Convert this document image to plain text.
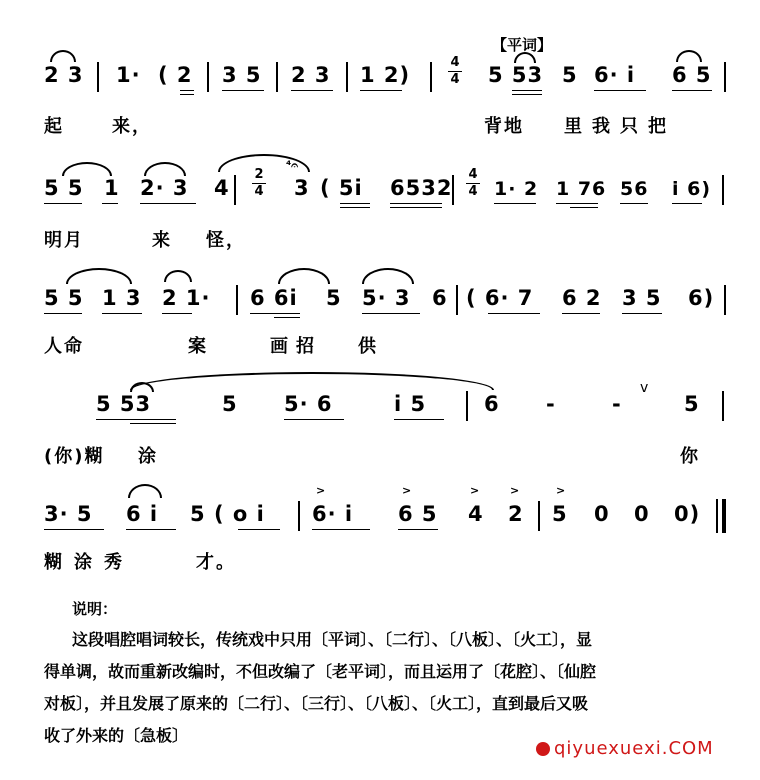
【平词】
2 3 1· ( 2 3 5 2 3 1 2)
4
4 5 53 5 6· i 6 5
起	来，	背地 里我只把
5 5 1 2· 3 4
2
4 3
⁴𝄐
( 5i 6532
4
4 1· 2 1 76 56 i 6)
明月	来 怪，
5 5 1 3 2 1· 6 6i 5 5· 3 6 ( 6· 7 6 2 3 5 6)
人命	案	画招 供
5 53	5 5· 6	i 5	6 -	-
v
5
(你)糊 涂	你
3· 5 6 i 5 ( o i
>
6· i
>
6 5
>
4
>
2
>
5 0 0 0)
糊涂秀	才。
说明：
这段唱腔唱词较长，传统戏中只用〔平词〕、〔二行〕、〔八板〕、〔火工〕，显
得单调，故而重新改编时，不但改编了〔老平词〕，而且运用了〔花腔〕、〔仙腔
对板〕，并且发展了原来的〔二行〕、〔三行〕、〔八板〕、〔火工〕，直到最后又吸
收了外来的〔急板〕
qiyuexuexi.COM
